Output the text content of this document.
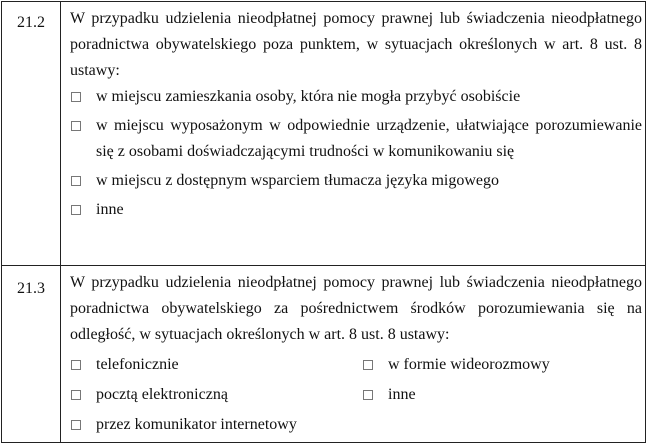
21.2	W przypadku udzielenia nieodpłatnej pomocy prawnej lub świadczenia nieodpłatnego poradnictwa obywatelskiego poza punktem, w sytuacjach określonych w art. 8 ust. 8 ustawy:

w miejscu zamieszkania osoby, która nie mogła przybyć osobiście
w miejscu wyposażonym w odpowiednie urządzenie, ułatwiające porozumiewanie się z osobami doświadczającymi trudności w komunikowaniu się
w miejscu z dostępnym wsparciem tłumacza języka migowego
inne
21.3	W przypadku udzielenia nieodpłatnej pomocy prawnej lub świadczenia nieodpłatnego poradnictwa obywatelskiego za pośrednictwem środków porozumiewania się na odległość, w sytuacjach określonych w art. 8 ust. 8 ustawy:

telefonicznie
pocztą elektroniczną
przez komunikator internetowy
w formie wideorozmowy
inne
